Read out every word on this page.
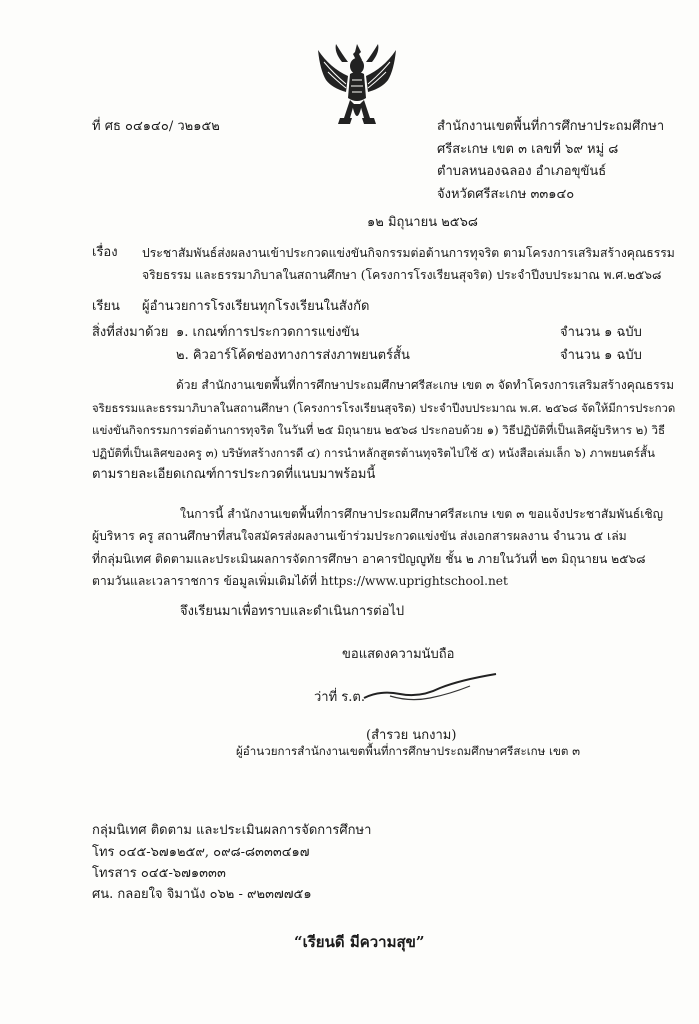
ที่ ศธ ๐๔๑๔๐/ ว๒๑๕๒	สำนักงานเขตพื้นที่การศึกษาประถมศึกษา
ศรีสะเกษ เขต ๓ เลขที่ ๖๙ หมู่ ๘
ตำบลหนองฉลอง อำเภอขุขันธ์
จังหวัดศรีสะเกษ ๓๓๑๔๐
๑๒ มิถุนายน ๒๕๖๘
เรื่อง ประชาสัมพันธ์ส่งผลงานเข้าประกวดแข่งขันกิจกรรมต่อต้านการทุจริต ตามโครงการเสริมสร้างคุณธรรม
จริยธรรม และธรรมาภิบาลในสถานศึกษา (โครงการโรงเรียนสุจริต) ประจำปีงบประมาณ พ.ศ.๒๕๖๘
เรียน ผู้อำนวยการโรงเรียนทุกโรงเรียนในสังกัด
สิ่งที่ส่งมาด้วย ๑. เกณฑ์การประกวดการแข่งขัน	จำนวน ๑ ฉบับ
๒. คิวอาร์โค้ดช่องทางการส่งภาพยนตร์สั้น	จำนวน ๑ ฉบับ
ด้วย สำนักงานเขตพื้นที่การศึกษาประถมศึกษาศรีสะเกษ เขต ๓ จัดทำโครงการเสริมสร้างคุณธรรม
จริยธรรมและธรรมาภิบาลในสถานศึกษา (โครงการโรงเรียนสุจริต) ประจำปีงบประมาณ พ.ศ. ๒๕๖๘ จัดให้มีการประกวด
แข่งขันกิจกรรมการต่อต้านการทุจริต ในวันที่ ๒๕ มิถุนายน ๒๕๖๘ ประกอบด้วย ๑) วิธีปฏิบัติที่เป็นเลิศผู้บริหาร ๒) วิธี
ปฏิบัติที่เป็นเลิศของครู ๓) บริษัทสร้างการดี ๔) การนำหลักสูตรต้านทุจริตไปใช้ ๕) หนังสือเล่มเล็ก ๖) ภาพยนตร์สั้น
ตามรายละเอียดเกณฑ์การประกวดที่แนบมาพร้อมนี้
ในการนี้ สำนักงานเขตพื้นที่การศึกษาประถมศึกษาศรีสะเกษ เขต ๓ ขอแจ้งประชาสัมพันธ์เชิญ
ผู้บริหาร ครู สถานศึกษาที่สนใจสมัครส่งผลงานเข้าร่วมประกวดแข่งขัน ส่งเอกสารผลงาน จำนวน ๕ เล่ม
ที่กลุ่มนิเทศ ติดตามและประเมินผลการจัดการศึกษา อาคารปัญญูทัย ชั้น ๒ ภายในวันที่ ๒๓ มิถุนายน ๒๕๖๘
ตามวันและเวลาราชการ ข้อมูลเพิ่มเติมได้ที่ https://www.uprightschool.net
จึงเรียนมาเพื่อทราบและดำเนินการต่อไป
ขอแสดงความนับถือ
ว่าที่ ร.ต.
(สำรวย นกงาม)
ผู้อำนวยการสำนักงานเขตพื้นที่การศึกษาประถมศึกษาศรีสะเกษ เขต ๓
กลุ่มนิเทศ ติดตาม และประเมินผลการจัดการศึกษา
โทร ๐๔๕-๖๗๑๒๕๙, ๐๙๘-๘๓๓๓๔๑๗
โทรสาร ๐๔๕-๖๗๑๓๓๓
ศน. กลอยใจ จิมานัง ๐๖๒ - ๙๒๓๗๗๕๑
“เรียนดี มีความสุข”
